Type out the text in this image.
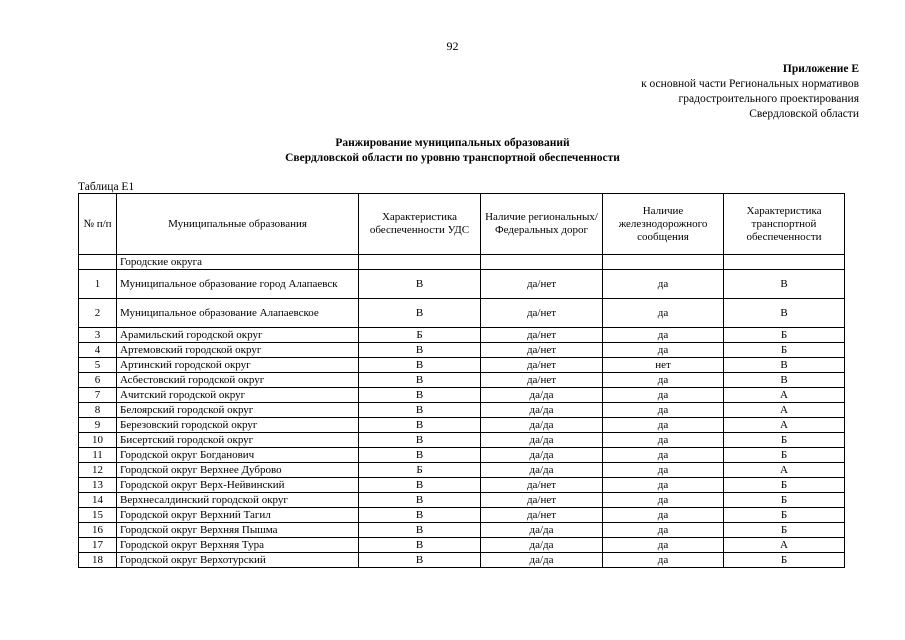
92
Приложение Е
к основной части Региональных нормативов
градостроительного проектирования
Свердловской области
Ранжирование муниципальных образований
Свердловской области по уровню транспортной обеспеченности
Таблица Е1
№ п/п	Муниципальные образования	Характеристика обеспеченности УДС	Наличие региональных/ Федеральных дорог	Наличие железнодорожного сообщения	Характеристика транспортной обеспеченности
	Городские округа				
1	Муниципальное образование город Алапаевск	В	да/нет	да	В
2	Муниципальное образование Алапаевское	В	да/нет	да	В
3	Арамильский городской округ	Б	да/нет	да	Б
4	Артемовский городской округ	В	да/нет	да	Б
5	Артинский городской округ	В	да/нет	нет	В
6	Асбестовский городской округ	В	да/нет	да	В
7	Ачитский городской округ	В	да/да	да	А
8	Белоярский городской округ	В	да/да	да	А
9	Березовский городской округ	В	да/да	да	А
10	Бисертский городской округ	В	да/да	да	Б
11	Городской округ Богданович	В	да/да	да	Б
12	Городской округ Верхнее Дуброво	Б	да/да	да	А
13	Городской округ Верх-Нейвинский	В	да/нет	да	Б
14	Верхнесалдинский городской округ	В	да/нет	да	Б
15	Городской округ Верхний Тагил	В	да/нет	да	Б
16	Городской округ Верхняя Пышма	В	да/да	да	Б
17	Городской округ Верхняя Тура	В	да/да	да	А
18	Городской округ Верхотурский	В	да/да	да	Б
